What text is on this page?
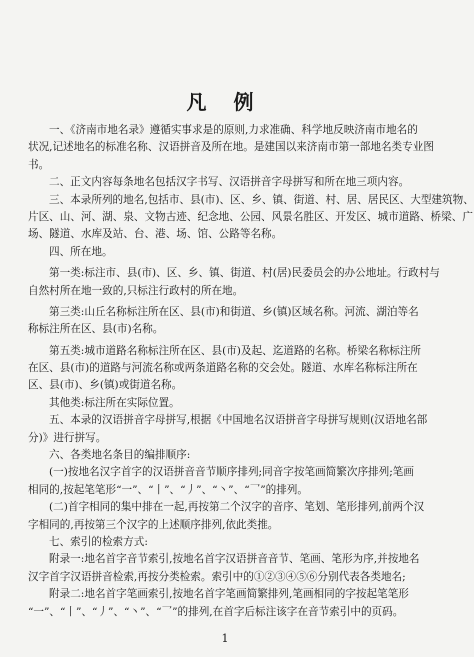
凡 例
一、《济南市地名录》遵循实事求是的原则,力求准确、科学地反映济南市地名的
状况,记述地名的标准名称、汉语拼音及所在地。是建国以来济南市第一部地名类专业图
书。
二、正文内容每条地名包括汉字书写、汉语拼音字母拼写和所在地三项内容。
三、本录所列的地名,包括市、县(市)、区、乡、镇、街道、村、居、居民区、大型建筑物、
片区、山、河、湖、泉、文物古迹、纪念地、公园、风景名胜区、开发区、城市道路、桥梁、广
场、隧道、水库及站、台、港、场、馆、公路等名称。
四、所在地。
第一类:标注市、县(市)、区、乡、镇、街道、村(居)民委员会的办公地址。行政村与
自然村所在地一致的,只标注行政村的所在地。
第三类:山丘名称标注所在区、县(市)和街道、乡(镇)区域名称。河流、湖泊等名
称标注所在区、县(市)名称。
第五类:城市道路名称标注所在区、县(市)及起、迄道路的名称。桥梁名称标注所
在区、县(市)的道路与河流名称或两条道路名称的交会处。隧道、水库名称标注所在
区、县(市)、乡(镇)或街道名称。
其他类:标注所在实际位置。
五、本录的汉语拼音字母拼写,根据《中国地名汉语拼音字母拼写规则(汉语地名部
分)》进行拼写。
六、各类地名条目的编排顺序:
(一)按地名汉字首字的汉语拼音音节顺序排列;同音字按笔画简繁次序排列;笔画
相同的,按起笔笔形“一”、“丨”、“丿”、“丶”、“乛”的排列。
(二)首字相同的集中排在一起,再按第二个汉字的音序、笔划、笔形排列,前两个汉
字相同的,再按第三个汉字的上述顺序排列,依此类推。
七、索引的检索方式:
附录一:地名首字音节索引,按地名首字汉语拼音音节、笔画、笔形为序,并按地名
汉字首字汉语拼音检索,再按分类检索。索引中的①②③④⑤⑥分别代表各类地名;
附录二:地名首字笔画索引,按地名首字笔画简繁排列,笔画相同的字按起笔笔形
“一”、“丨”、“丿”、“丶”、“乛”的排列,在首字后标注该字在音节索引中的页码。
1
